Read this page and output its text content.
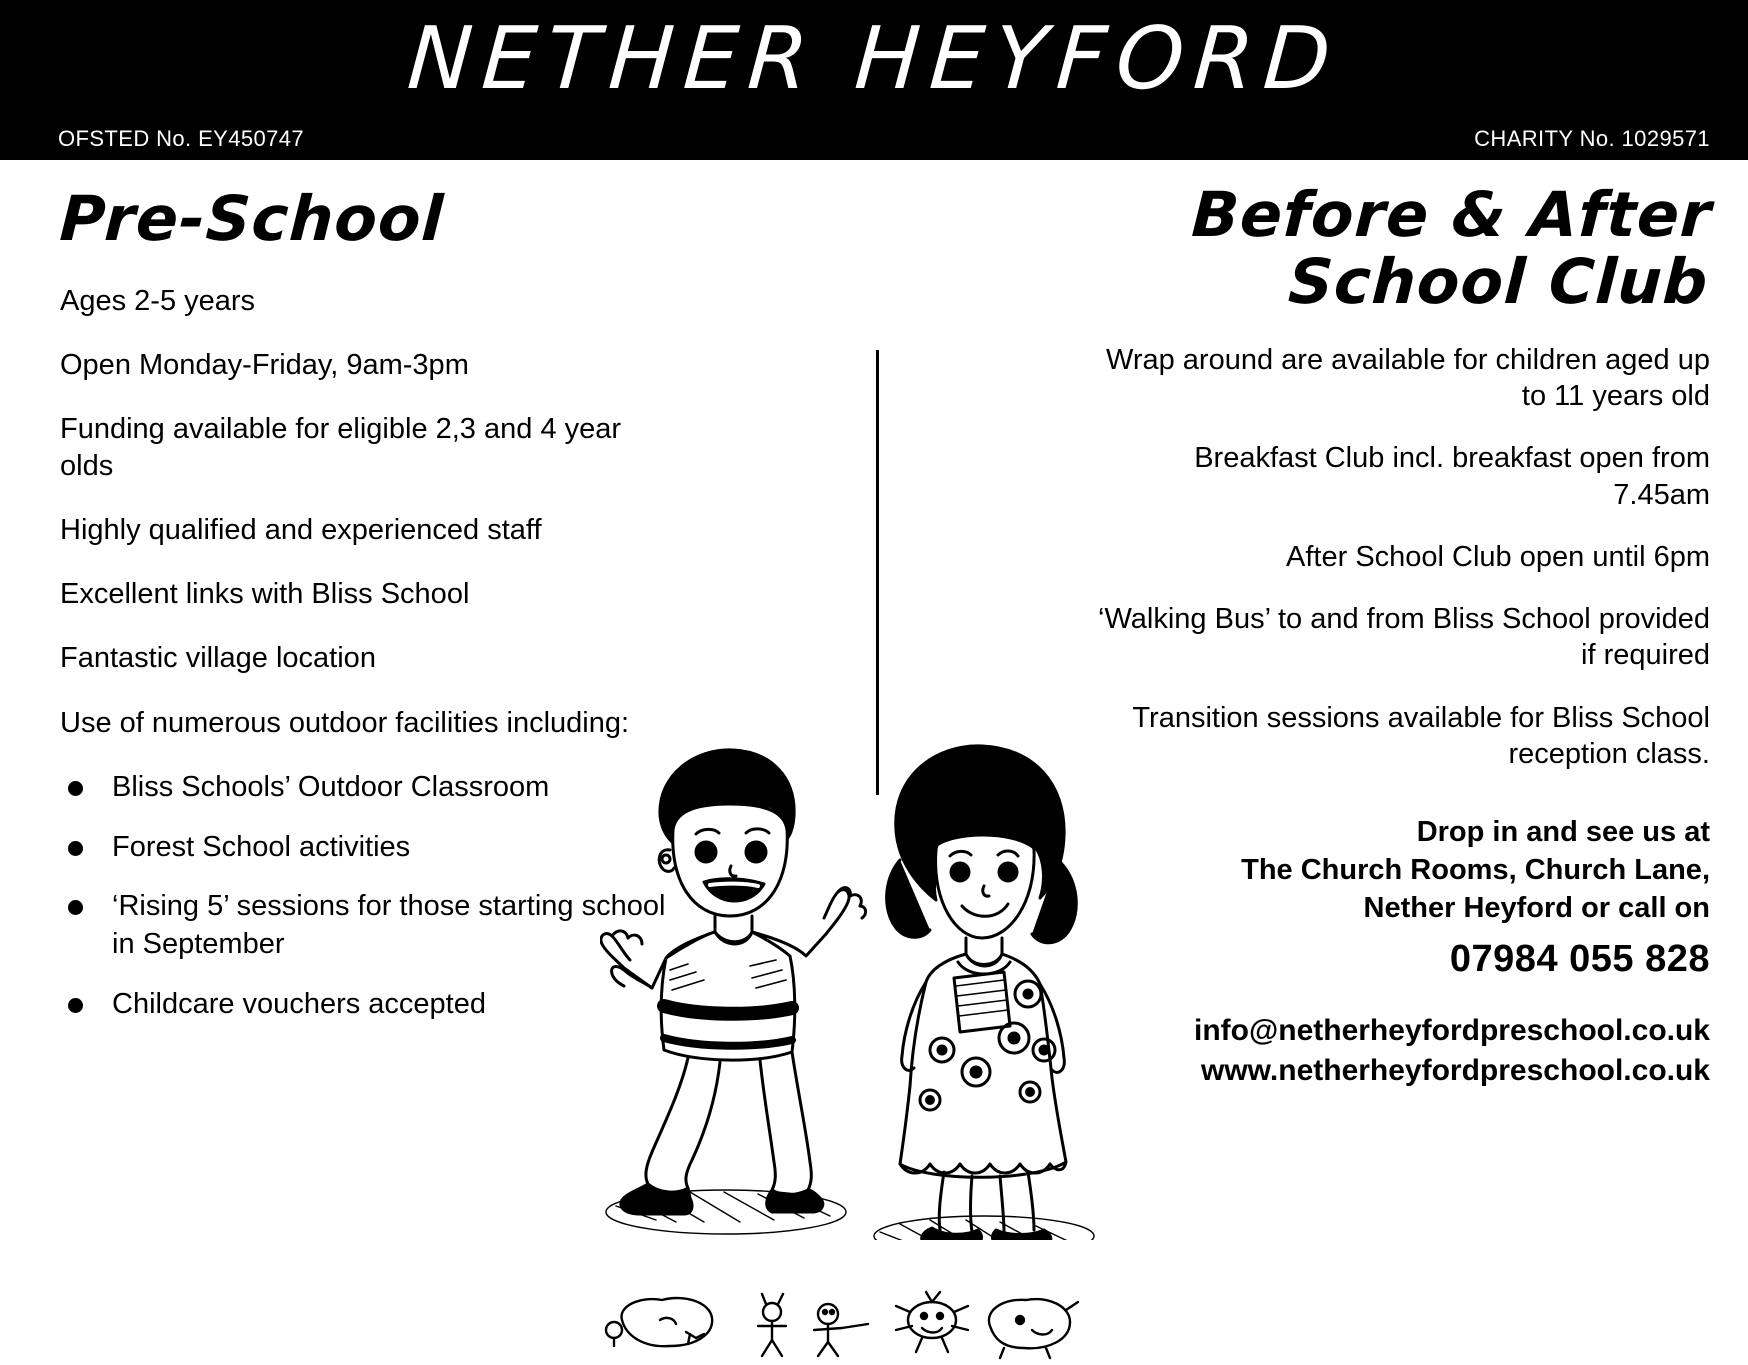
NETHER HEYFORD
OFSTED No. EY450747	CHARITY No. 1029571
Pre-School

Ages 2-5 years

Open Monday-Friday, 9am-3pm

Funding available for eligible 2,3 and 4 year olds

Highly qualified and experienced staff

Excellent links with Bliss School

Fantastic village location

Use of numerous outdoor facilities including:

Bliss Schools’ Outdoor Classroom
Forest School activities
‘Rising 5’ sessions for those starting school in September
Childcare vouchers accepted
Before & After
School Club

Wrap around are available for children aged up to 11 years old

Breakfast Club incl. breakfast open from 7.45am

After School Club open until 6pm

‘Walking Bus’ to and from Bliss School provided if required

Transition sessions available for Bliss School reception class.

Drop in and see us at
The Church Rooms, Church Lane,
Nether Heyford or call on
07984 055 828
info@netherheyfordpreschool.co.uk
www.netherheyfordpreschool.co.uk
